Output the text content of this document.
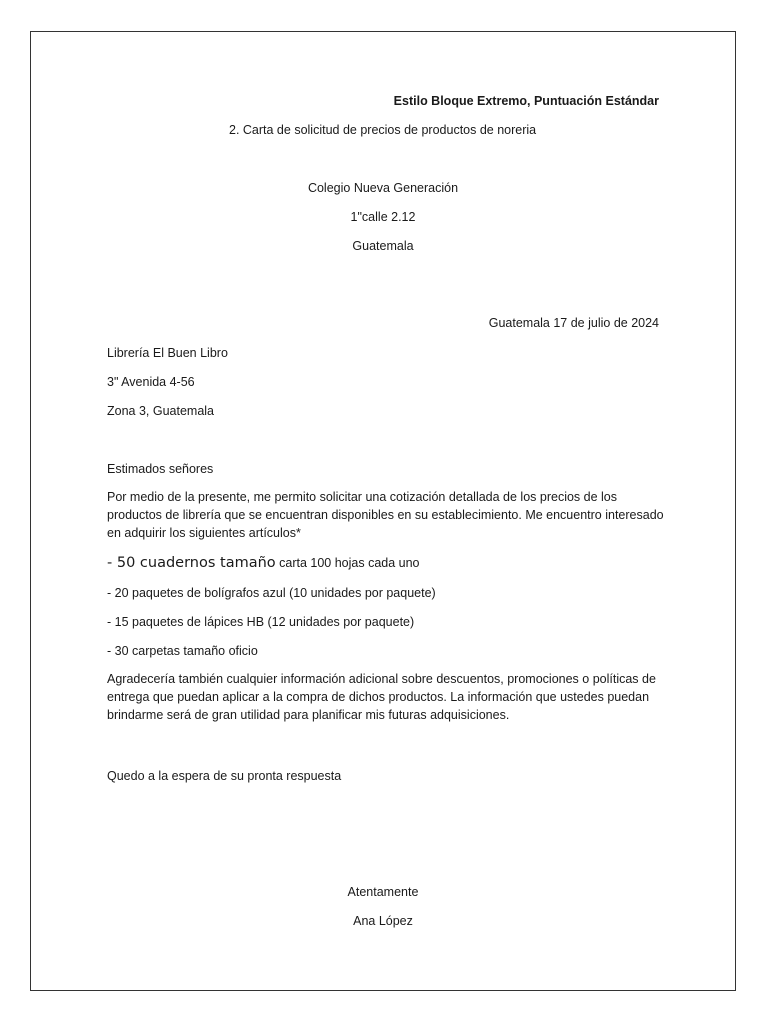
Estilo Bloque Extremo, Puntuación Estándar
2. Carta de solicitud de precios de productos de noreria
Colegio Nueva Generación
1"calle 2.12
Guatemala
Guatemala 17 de julio de 2024
Librería El Buen Libro
3" Avenida 4-56
Zona 3, Guatemala
Estimados señores
Por medio de la presente, me permito solicitar una cotización detallada de los precios de los productos de librería que se encuentran disponibles en su establecimiento. Me encuentro interesado en adquirir los siguientes artículos*
- 50 cuadernos tamaño carta 100 hojas cada uno
- 20 paquetes de bolígrafos azul (10 unidades por paquete)
- 15 paquetes de lápices HB (12 unidades por paquete)
- 30 carpetas tamaño oficio
Agradecería también cualquier información adicional sobre descuentos, promociones o políticas de entrega que puedan aplicar a la compra de dichos productos. La información que ustedes puedan brindarme será de gran utilidad para planificar mis futuras adquisiciones.
Quedo a la espera de su pronta respuesta
Atentamente
Ana López
